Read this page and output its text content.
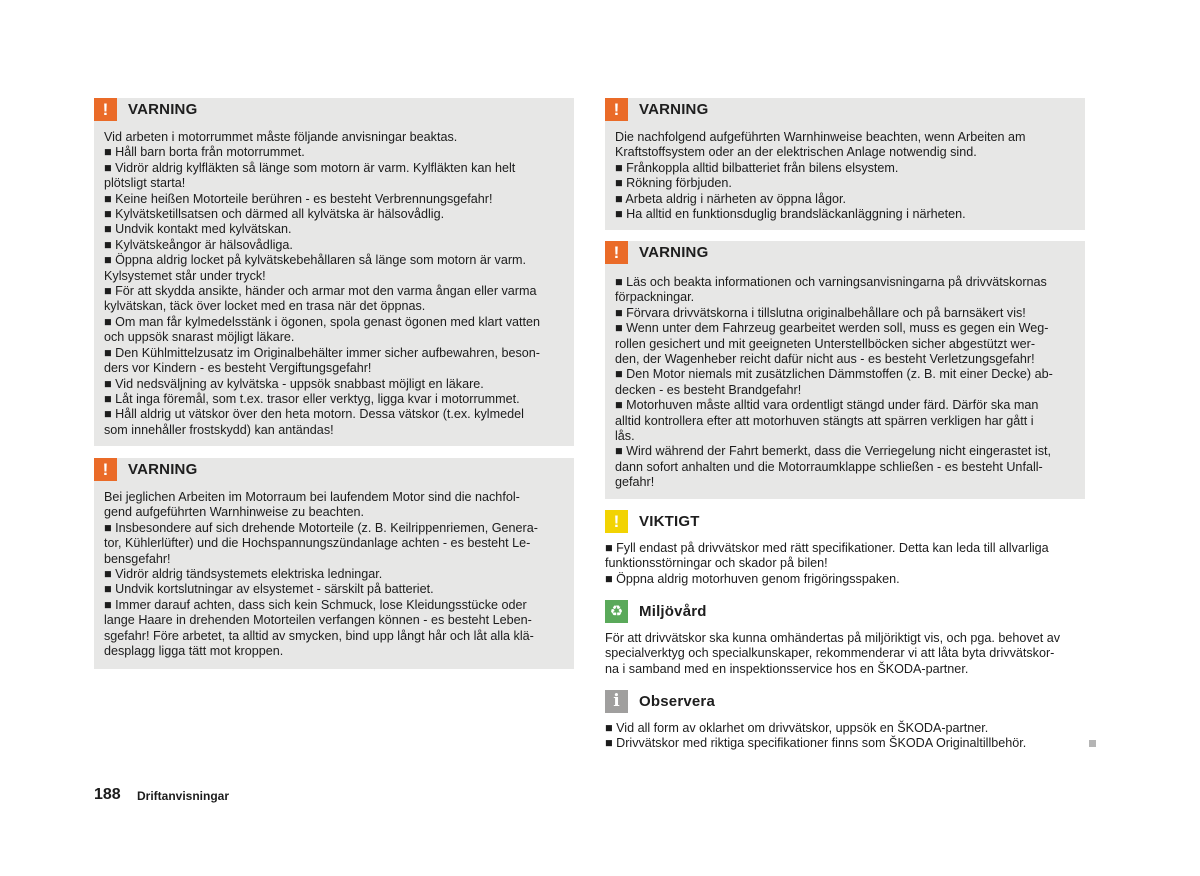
!	VARNING

Vid arbeten i motorrummet måste följande anvisningar beaktas.

■ Håll barn borta från motorrummet.

■ Vidrör aldrig kylfläkten så länge som motorn är varm. Kylfläkten kan helt

plötsligt starta!

■ Keine heißen Motorteile berühren - es besteht Verbrennungsgefahr!

■ Kylvätsketillsatsen och därmed all kylvätska är hälsovådlig.

■ Undvik kontakt med kylvätskan.

■ Kylvätskeångor är hälsovådliga.

■ Öppna aldrig locket på kylvätskebehållaren så länge som motorn är varm.

Kylsystemet står under tryck!

■ För att skydda ansikte, händer och armar mot den varma ångan eller varma

kylvätskan, täck över locket med en trasa när det öppnas.

■ Om man får kylmedelsstänk i ögonen, spola genast ögonen med klart vatten

och uppsök snarast möjligt läkare.

■ Den Kühlmittelzusatz im Originalbehälter immer sicher aufbewahren, beson-

ders vor Kindern - es besteht Vergiftungsgefahr!

■ Vid nedsväljning av kylvätska - uppsök snabbast möjligt en läkare.

■ Låt inga föremål, som t.ex. trasor eller verktyg, ligga kvar i motorrummet.

■ Håll aldrig ut vätskor över den heta motorn. Dessa vätskor (t.ex. kylmedel

som innehåller frostskydd) kan antändas!

!	VARNING

Bei jeglichen Arbeiten im Motorraum bei laufendem Motor sind die nachfol-

gend aufgeführten Warnhinweise zu beachten.

■ Insbesondere auf sich drehende Motorteile (z. B. Keilrippenriemen, Genera-

tor, Kühlerlüfter) und die Hochspannungszündanlage achten - es besteht Le-

bensgefahr!

■ Vidrör aldrig tändsystemets elektriska ledningar.

■ Undvik kortslutningar av elsystemet - särskilt på batteriet.

■ Immer darauf achten, dass sich kein Schmuck, lose Kleidungsstücke oder

lange Haare in drehenden Motorteilen verfangen können - es besteht Leben-

sgefahr! Före arbetet, ta alltid av smycken, bind upp långt hår och låt alla klä-

desplagg ligga tätt mot kroppen.

!	VARNING

Die nachfolgend aufgeführten Warnhinweise beachten, wenn Arbeiten am

Kraftstoffsystem oder an der elektrischen Anlage notwendig sind.

■ Frånkoppla alltid bilbatteriet från bilens elsystem.

■ Rökning förbjuden.

■ Arbeta aldrig i närheten av öppna lågor.

■ Ha alltid en funktionsduglig brandsläckanläggning i närheten.

!	VARNING

■ Läs och beakta informationen och varningsanvisningarna på drivvätskornas

förpackningar.

■ Förvara drivvätskorna i tillslutna originalbehållare och på barnsäkert vis!

■ Wenn unter dem Fahrzeug gearbeitet werden soll, muss es gegen ein Weg-

rollen gesichert und mit geeigneten Unterstellböcken sicher abgestützt wer-

den, der Wagenheber reicht dafür nicht aus - es besteht Verletzungsgefahr!

■ Den Motor niemals mit zusätzlichen Dämmstoffen (z. B. mit einer Decke) ab-

decken - es besteht Brandgefahr!

■ Motorhuven måste alltid vara ordentligt stängd under färd. Därför ska man

alltid kontrollera efter att motorhuven stängts att spärren verkligen har gått i

lås.

■ Wird während der Fahrt bemerkt, dass die Verriegelung nicht eingerastet ist,

dann sofort anhalten und die Motorraumklappe schließen - es besteht Unfall-

gefahr!

!	VIKTIGT

■ Fyll endast på drivvätskor med rätt specifikationer. Detta kan leda till allvarliga

funktionsstörningar och skador på bilen!

■ Öppna aldrig motorhuven genom frigöringsspaken.

♻	Miljövård

För att drivvätskor ska kunna omhändertas på miljöriktigt vis, och pga. behovet av

specialverktyg och specialkunskaper, rekommenderar vi att låta byta drivvätskor-

na i samband med en inspektionsservice hos en ŠKODA-partner.

i	Observera

■ Vid all form av oklarhet om drivvätskor, uppsök en ŠKODA-partner.

■ Drivvätskor med riktiga specifikationer finns som ŠKODA Originaltillbehör.

188 Driftanvisningar
